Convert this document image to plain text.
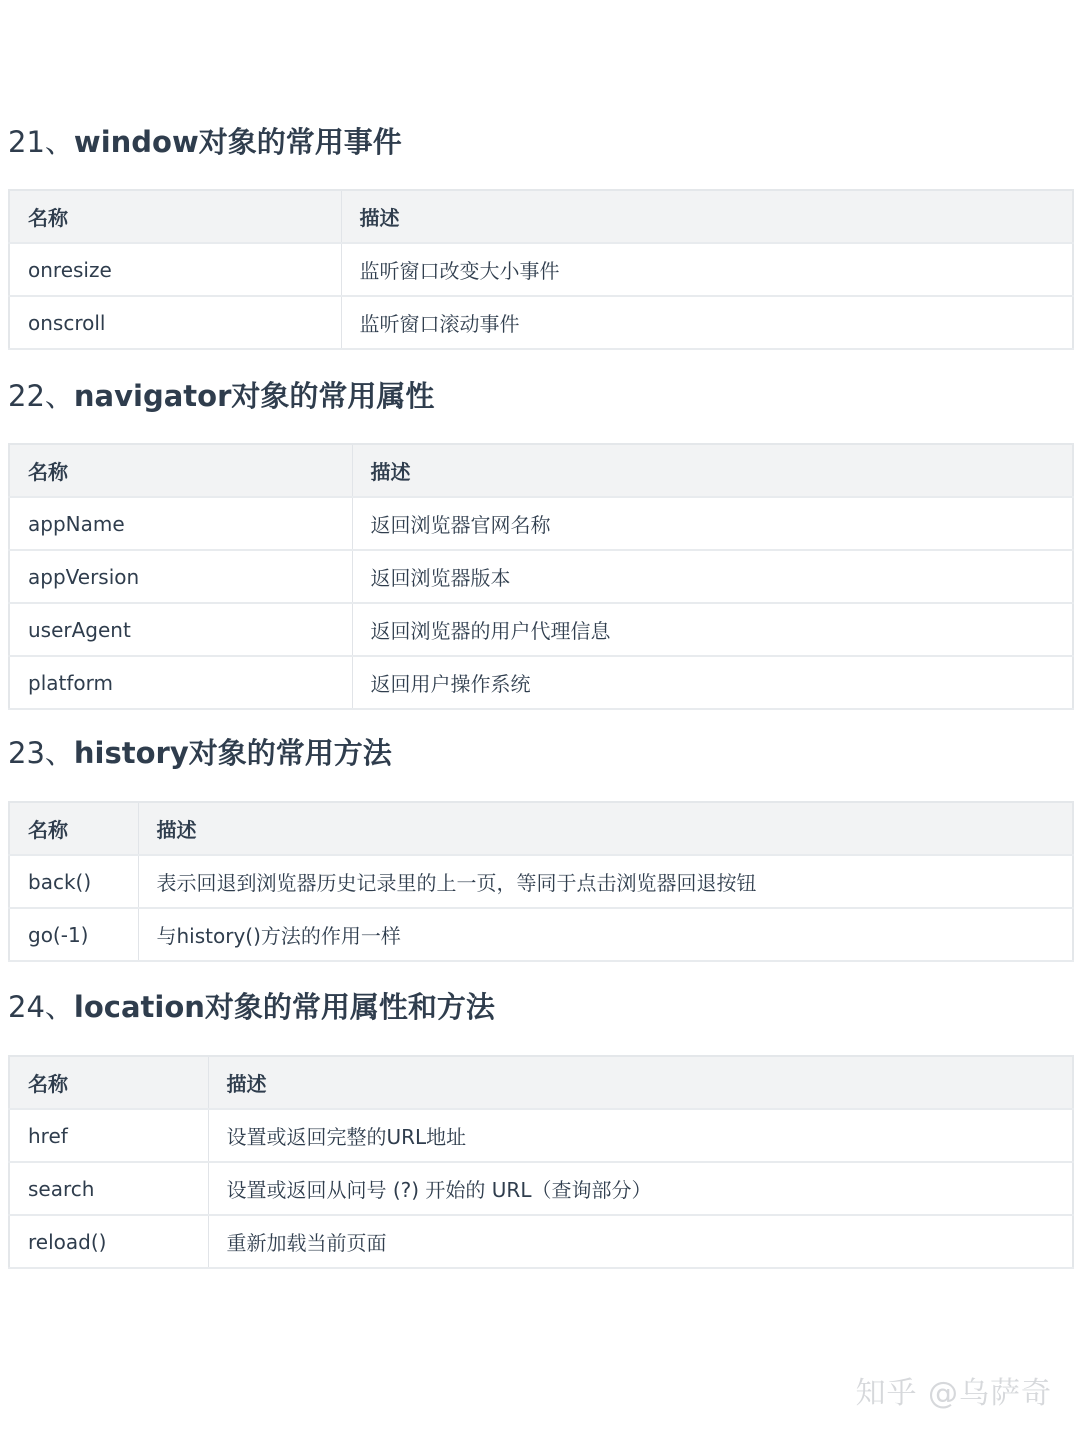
21、window对象的常用事件
名称	描述
onresize	监听窗口改变大小事件
onscroll	监听窗口滚动事件
22、navigator对象的常用属性
名称	描述
appName	返回浏览器官网名称
appVersion	返回浏览器版本
userAgent	返回浏览器的用户代理信息
platform	返回用户操作系统
23、history对象的常用方法
名称	描述
back()	表示回退到浏览器历史记录里的上一页，等同于点击浏览器回退按钮
go(-1)	与history()方法的作用一样
24、location对象的常用属性和方法
名称	描述
href	设置或返回完整的URL地址
search	设置或返回从问号 (?) 开始的 URL（查询部分）
reload()	重新加载当前页面
知乎 @乌萨奇
